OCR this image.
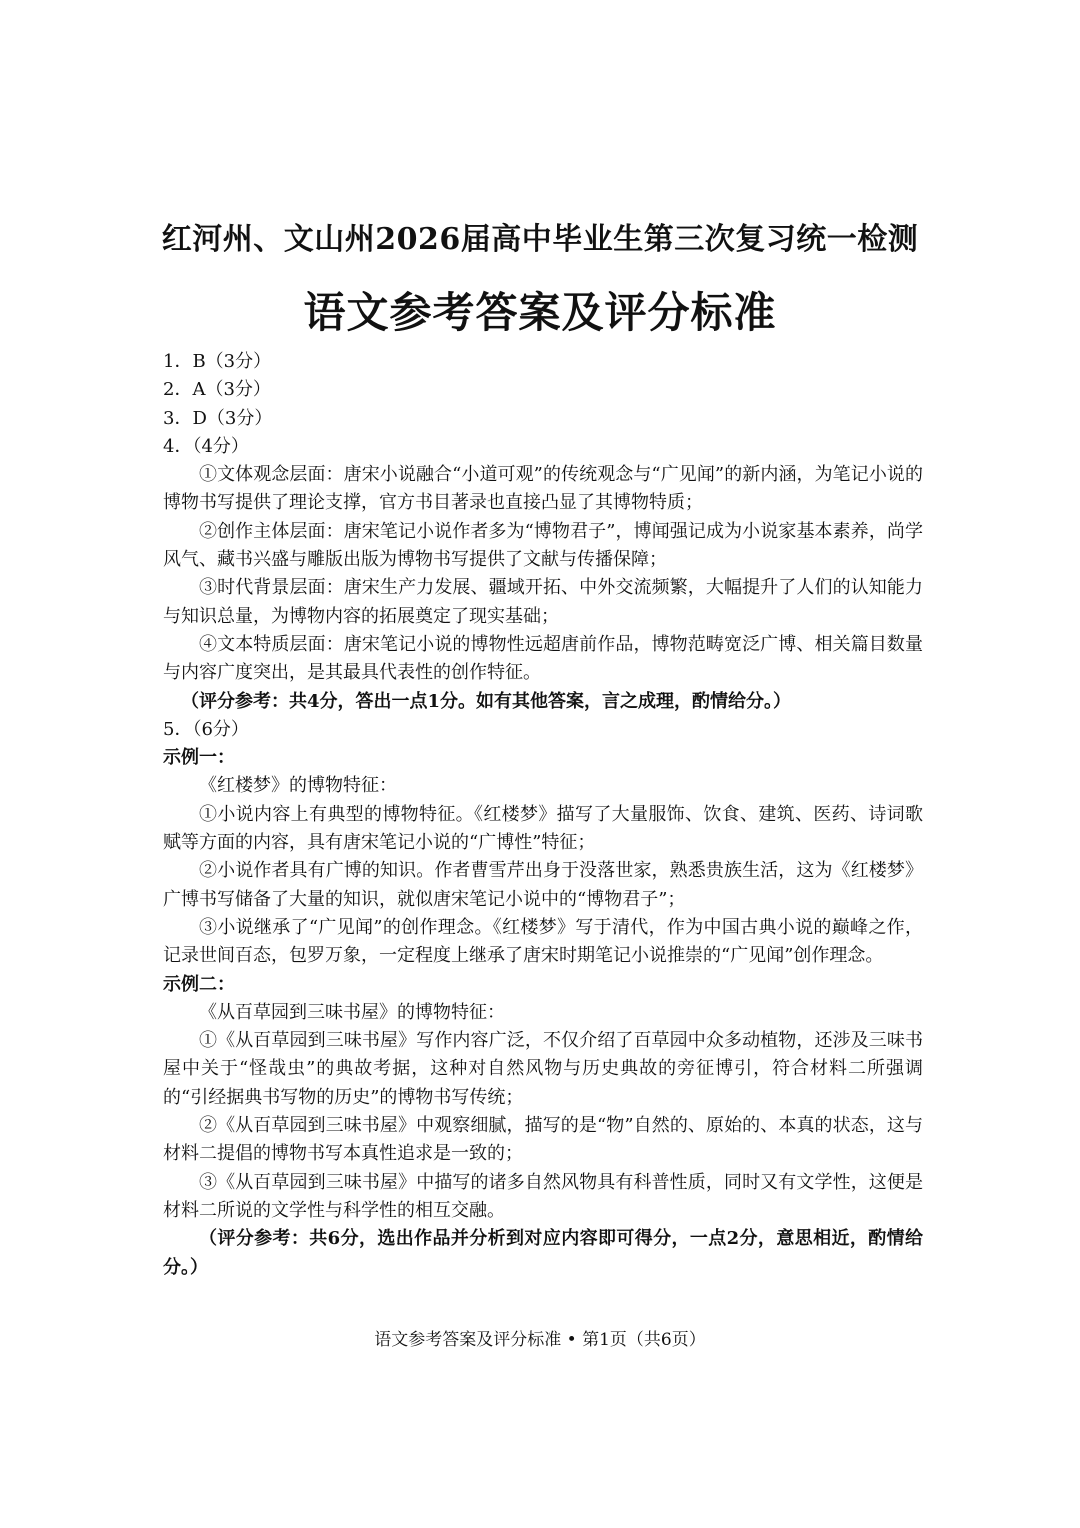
红河州、文山州2026届高中毕业生第三次复习统一检测
语文参考答案及评分标准
1．B（3分）
2．A（3分）
3．D（3分）
4．（4分）

①文体观念层面：唐宋小说融合“小道可观”的传统观念与“广见闻”的新内涵，为笔记小说的博物书写提供了理论支撑，官方书目著录也直接凸显了其博物特质；

②创作主体层面：唐宋笔记小说作者多为“博物君子”，博闻强记成为小说家基本素养，尚学风气、藏书兴盛与雕版出版为博物书写提供了文献与传播保障；

③时代背景层面：唐宋生产力发展、疆域开拓、中外交流频繁，大幅提升了人们的认知能力与知识总量，为博物内容的拓展奠定了现实基础；

④文本特质层面：唐宋笔记小说的博物性远超唐前作品，博物范畴宽泛广博、相关篇目数量与内容广度突出，是其最具代表性的创作特征。

（评分参考：共4分，答出一点1分。如有其他答案，言之成理，酌情给分。）
5．（6分）
示例一：

《红楼梦》的博物特征：

①小说内容上有典型的博物特征。《红楼梦》描写了大量服饰、饮食、建筑、医药、诗词歌赋等方面的内容，具有唐宋笔记小说的“广博性”特征；

②小说作者具有广博的知识。作者曹雪芹出身于没落世家，熟悉贵族生活，这为《红楼梦》广博书写储备了大量的知识，就似唐宋笔记小说中的“博物君子”；

③小说继承了“广见闻”的创作理念。《红楼梦》写于清代，作为中国古典小说的巅峰之作，记录世间百态，包罗万象，一定程度上继承了唐宋时期笔记小说推崇的“广见闻”创作理念。

示例二：

《从百草园到三味书屋》的博物特征：

①《从百草园到三味书屋》写作内容广泛，不仅介绍了百草园中众多动植物，还涉及三味书屋中关于“怪哉虫”的典故考据，这种对自然风物与历史典故的旁征博引，符合材料二所强调的“引经据典书写物的历史”的博物书写传统；

②《从百草园到三味书屋》中观察细腻，描写的是“物”自然的、原始的、本真的状态，这与材料二提倡的博物书写本真性追求是一致的；

③《从百草园到三味书屋》中描写的诸多自然风物具有科普性质，同时又有文学性，这便是材料二所说的文学性与科学性的相互交融。

（评分参考：共6分，选出作品并分析到对应内容即可得分，一点2分，意思相近，酌情给分。）

语文参考答案及评分标准 • 第1页（共6页）
